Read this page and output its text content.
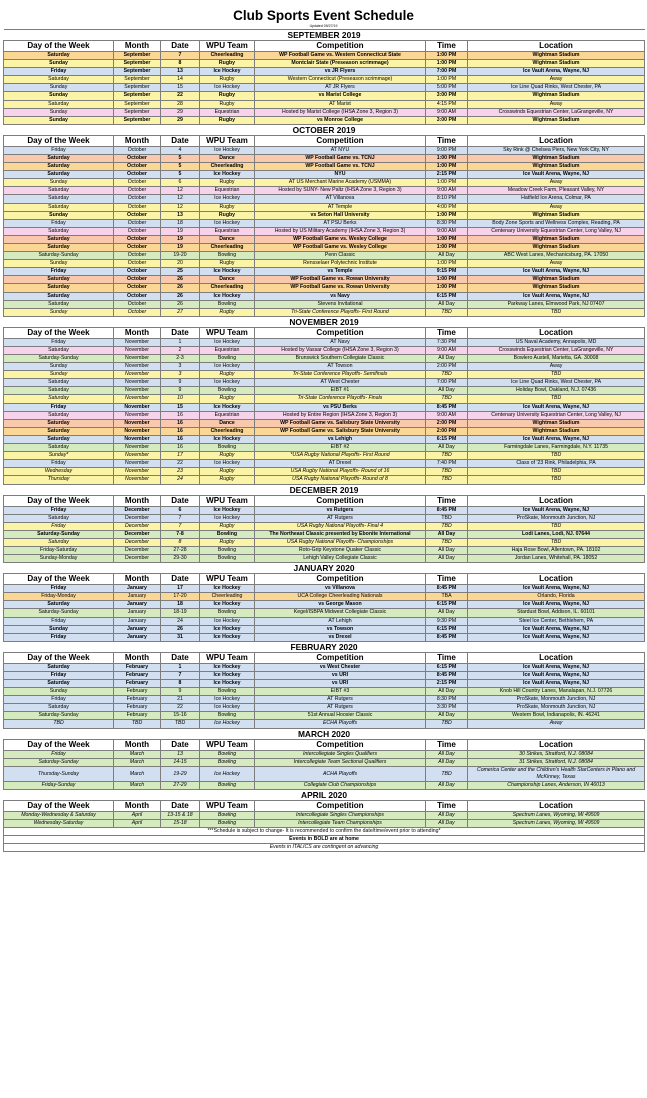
Club Sports Event Schedule
Updated 09/27/19
SEPTEMBER 2019						
Day of the Week	Month	Date	WPU Team	Competition	Time	Location
Saturday	September	7	Cheerleading	WP Football Game vs. Western Connecticut State	1:00 PM	Wightman Stadium
Sunday	September	8	Rugby	Montclair State (Preseason scrimmage)	1:00 PM	Wightman Stadium
Friday	September	13	Ice Hockey	vs JR Flyers	7:00 PM	Ice Vault Arena, Wayne, NJ
Saturday	September	14	Rugby	Western Connecticut (Preseason scrimmage)	1:00 PM	Away
Sunday	September	15	Ice Hockey	AT JR Flyers	5:00 PM	Ice Line Quad Rinks, West Chester, PA
Sunday	September	22	Rugby	vs Marist College	3:00 PM	Wightman Stadium
Saturday	September	28	Rugby	AT Marist	4:15 PM	Away
Sunday	September	29	Equestrian	Hosted by Marist College (IHSA Zone 3, Region 3)	9:00 AM	Crosswinds Equestrian Center, LaGrangeville, NY
Sunday	September	29	Rugby	vs Monroe College	3:00 PM	Wightman Stadium
OCTOBER 2019						
Day of the Week	Month	Date	WPU Team	Competition	Time	Location
Friday	October	4	Ice Hockey	AT NYU	9:00 PM	Sky Rink @ Chelsea Piers, New York City, NY
Saturday	October	5	Dance	WP Football Game vs. TCNJ	1:00 PM	Wightman Stadium
Saturday	October	5	Cheerleading	WP Football Game vs. TCNJ	1:00 PM	Wightman Stadium
Saturday	October	5	Ice Hockey	NYU	2:15 PM	Ice Vault Arena, Wayne, NJ
Sunday	October	6	Rugby	AT US Merchant Marine Academy (USMMA)	1:00 PM	Away
Saturday	October	12	Equestrian	Hosted by SUNY- New Paltz (IHSA Zone 3, Region 3)	9:00 AM	Meadow Creek Farm, Pleasant Valley, NY
Saturday	October	12	Ice Hockey	AT Villanova	8:10 PM	Hatfield Ice Arena, Colmar, PA
Saturday	October	12	Rugby	AT Temple	4:00 PM	Away
Sunday	October	13	Rugby	vs Seton Hall University	1:00 PM	Wightman Stadium
Friday	October	18	Ice Hockey	AT PSU Berks	8:30 PM	Body Zone Sports and Wellness Complex, Reading, PA
Saturday	October	19	Equestrian	Hosted by US Military Academy (IHSA Zone 3, Region 3)	9:00 AM	Centenary University Equestrian Center, Long Valley, NJ
Saturday	October	19	Dance	WP Football Game vs. Wesley College	1:00 PM	Wightman Stadium
Saturday	October	19	Cheerleading	WP Football Game vs. Wesley College	1:00 PM	Wightman Stadium
Saturday-Sunday	October	19-20	Bowling	Penn Classic	All Day	ABC West Lanes, Mechanicsburg, PA. 17050
Sunday	October	20	Rugby	Rensselaer Polytechnic Institute	1:00 PM	Away
Friday	October	25	Ice Hockey	vs Temple	9:15 PM	Ice Vault Arena, Wayne, NJ
Saturday	October	26	Dance	WP Football Game vs. Rowan University	1:00 PM	Wightman Stadium
Saturday	October	26	Cheerleading	WP Football Game vs. Rowan University	1:00 PM	Wightman Stadium
Saturday	October	26	Ice Hockey	vs Navy	6:15 PM	Ice Vault Arena, Wayne, NJ
Saturday	October	26	Bowling	Stevens Invitational	All Day	Parkway Lanes, Elmwood Park, NJ 07407
Sunday	October	27	Rugby	Tri-State Conference Playoffs- First Round	TBD	TBD
NOVEMBER 2019						
Day of the Week	Month	Date	WPU Team	Competition	Time	Location
Friday	November	1	Ice Hockey	AT Navy	7:30 PM	US Naval Academy, Annapolis, MD
Saturday	November	2	Equestrian	Hosted by Vassar College (IHSA Zone 3, Region 3)	9:00 AM	Crosswinds Equestrian Center, LaGrangeville, NY
Saturday-Sunday	November	2-3	Bowling	Brunswick Southern Collegiate Classic	All Day	Bowlero Austell, Marietta, GA. 30008
Sunday	November	3	Ice Hockey	AT Towson	2:00 PM	Away
Sunday	November	3	Rugby	Tri-State Conference Playoffs- Semifinals	TBD	TBD
Saturday	November	9	Ice Hockey	AT West Chester	7:00 PM	Ice Line Quad Rinks, West Chester, PA
Saturday	November	9	Bowling	EIBT #1	All Day	Holiday Bowl, Oakland, N.J. 07436
Saturday	November	10	Rugby	Tri-State Conference Playoffs- Finals	TBD	TBD
Friday	November	15	Ice Hockey	vs PSU Berks	8:45 PM	Ice Vault Arena, Wayne, NJ
Saturday	November	16	Equestrian	Hosted by Entire Region (IHSA Zone 3, Region 3)	9:00 AM	Centenary University Equestrian Center, Long Valley, NJ
Saturday	November	16	Dance	WP Football Game vs. Salisbury State University	2:00 PM	Wightman Stadium
Saturday	November	16	Cheerleading	WP Football Game vs. Salisbury State University	2:00 PM	Wightman Stadium
Saturday	November	16	Ice Hockey	vs Lehigh	6:15 PM	Ice Vault Arena, Wayne, NJ
Saturday	November	16	Bowling	EIBT #2	All Day	Farmingdale Lanes, Farmingdale, N.Y. 11735
Sunday*	November	17	Rugby	*USA Rugby National Playoffs- First Round	TBD	TBD
Friday	November	22	Ice Hockey	AT Drexel	7:40 PM	Class of '23 Rink, Philadelphia, PA
Wednesday	November	23	Rugby	USA Rugby National Playoffs- Round of 16	TBD	TBD
Thursday	November	24	Rugby	USA Rugby National Playoffs- Round of 8	TBD	TBD
DECEMBER 2019						
Day of the Week	Month	Date	WPU Team	Competition	Time	Location
Friday	December	6	Ice Hockey	vs Rutgers	8:45 PM	Ice Vault Arena, Wayne, NJ
Saturday	December	7	Ice Hockey	AT Rutgers	TBD	ProSkate, Monmouth Junction, NJ
Friday	December	7	Rugby	USA Rugby National Playoffs- Final 4	TBD	TBD
Saturday-Sunday	December	7-8	Bowling	The Northeast Classic presented by Ebonite International	All Day	Lodi Lanes, Lodi, NJ. 07644
Saturday	December	8	Rugby	USA Rugby National Playoffs- Championships	TBD	TBD
Friday-Saturday	December	27-28	Bowling	Roto-Grip Keystone Quaker Classic	All Day	Haja Rose Bowl, Allentown, PA. 18102
Sunday-Monday	December	29-30	Bowling	Lehigh Valley Collegiate Classic	All Day	Jordan Lanes, Whitehall, PA. 18052
JANUARY 2020						
Day of the Week	Month	Date	WPU Team	Competition	Time	Location
Friday	January	17	Ice Hockey	vs Villanova	8:45 PM	Ice Vault Arena, Wayne, NJ
Friday-Monday	January	17-20	Cheerleading	UCA College Cheerleading Nationals	TBA	Orlando, Florida
Saturday	January	18	Ice Hockey	vs George Mason	6:15 PM	Ice Vault Arena, Wayne, NJ
Saturday-Sunday	January	18-19	Bowling	Kegel/ISBPA Midwest Collegiate Classic	All Day	Stardust Bowl, Addison, IL. 60101
Friday	January	24	Ice Hockey	AT Lehigh	9:30 PM	Steel Ice Center, Bethlehem, PA
Sunday	January	26	Ice Hockey	vs Towson	6:15 PM	Ice Vault Arena, Wayne, NJ
Friday	January	31	Ice Hockey	vs Drexel	8:45 PM	Ice Vault Arena, Wayne, NJ
FEBRUARY 2020						
Day of the Week	Month	Date	WPU Team	Competition	Time	Location
Saturday	February	1	Ice Hockey	vs West Chester	6:15 PM	Ice Vault Arena, Wayne, NJ
Friday	February	7	Ice Hockey	vs URI	8:45 PM	Ice Vault Arena, Wayne, NJ
Saturday	February	8	Ice Hockey	vs URI	2:15 PM	Ice Vault Arena, Wayne, NJ
Sunday	February	9	Bowling	EIBT #3	All Day	Knob Hill Country Lanes, Manalapan, N.J. 07726
Friday	February	21	Ice Hockey	AT Rutgers	8:30 PM	ProSkate, Monmouth Junction, NJ
Saturday	February	22	Ice Hockey	AT Rutgers	3:30 PM	ProSkate, Monmouth Junction, NJ
Saturday-Sunday	February	15-16	Bowling	51st Annual Hoosier Classic	All Day	Western Bowl, Indianapolis, IN. 46241
TBD	TBD	TBD	Ice Hockey	ECHA Playoffs	TBD	Away
MARCH 2020						
Day of the Week	Month	Date	WPU Team	Competition	Time	Location
Friday	March	13	Bowling	Intercollegiate Singles Qualifiers	All Day	30 Strikes, Stratford, N.J. 08084
Saturday-Sunday	March	14-15	Bowling	Intercollegiate Team Sectional Qualifiers	All Day	31 Strikes, Stratford, N.J. 08084
Thursday-Sunday	March	19-29	Ice Hockey	ACHA Playoffs	TBD	Comerica Center and the Children's Health StarCenters in Plano and McKinney, Texas
Friday-Sunday	March	27-29	Bowling	Collegiate Club Championships	All Day	Championship Lanes, Anderson, IN 46013
APRIL 2020						
Day of the Week	Month	Date	WPU Team	Competition	Time	Location
Monday-Wednesday & Saturday	April	13-15 & 18	Bowling	Intercollegiate Singles Championships	All Day	Spectrum Lanes, Wyoming, MI 49509
Wednesday-Saturday	April	15-18	Bowling	Intercollegiate Team Championships	All Day	Spectrum Lanes, Wyoming, MI 49509
***Schedule is subject to change- It is recommended to confirm the date/time/event prior to attending*						
Events in BOLD are at home						
Events in ITALICS are contingent on advancing						
